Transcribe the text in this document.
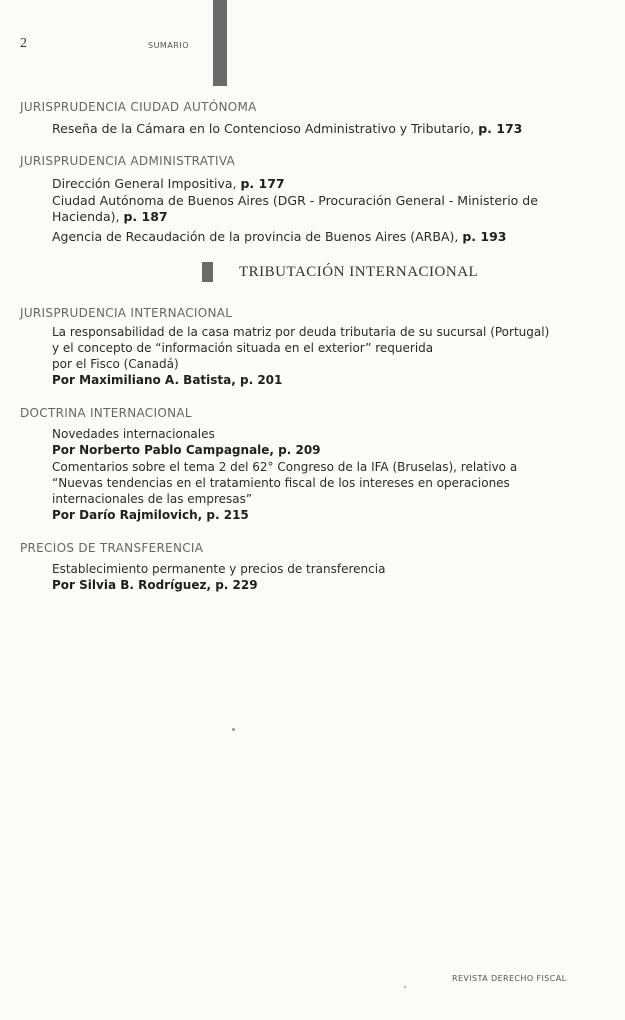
2	SUMARIO
JURISPRUDENCIA CIUDAD AUTÓNOMA
Reseña de la Cámara en lo Contencioso Administrativo y Tributario, p. 173
JURISPRUDENCIA ADMINISTRATIVA
Dirección General Impositiva, p. 177
Ciudad Autónoma de Buenos Aires (DGR - Procuración General - Ministerio de Hacienda), p. 187
Agencia de Recaudación de la provincia de Buenos Aires (ARBA), p. 193
TRIBUTACIÓN INTERNACIONAL
JURISPRUDENCIA INTERNACIONAL
La responsabilidad de la casa matriz por deuda tributaria de su sucursal (Portugal)
y el concepto de “información situada en el exterior” requerida
por el Fisco (Canadá)
Por Maximiliano A. Batista, p. 201
DOCTRINA INTERNACIONAL
Novedades internacionales
Por Norberto Pablo Campagnale, p. 209
Comentarios sobre el tema 2 del 62° Congreso de la IFA (Bruselas), relativo a
“Nuevas tendencias en el tratamiento fiscal de los intereses en operaciones
internacionales de las empresas”
Por Darío Rajmilovich, p. 215
PRECIOS DE TRANSFERENCIA
Establecimiento permanente y precios de transferencia
Por Silvia B. Rodríguez, p. 229
REVISTA DERECHO FISCAL
